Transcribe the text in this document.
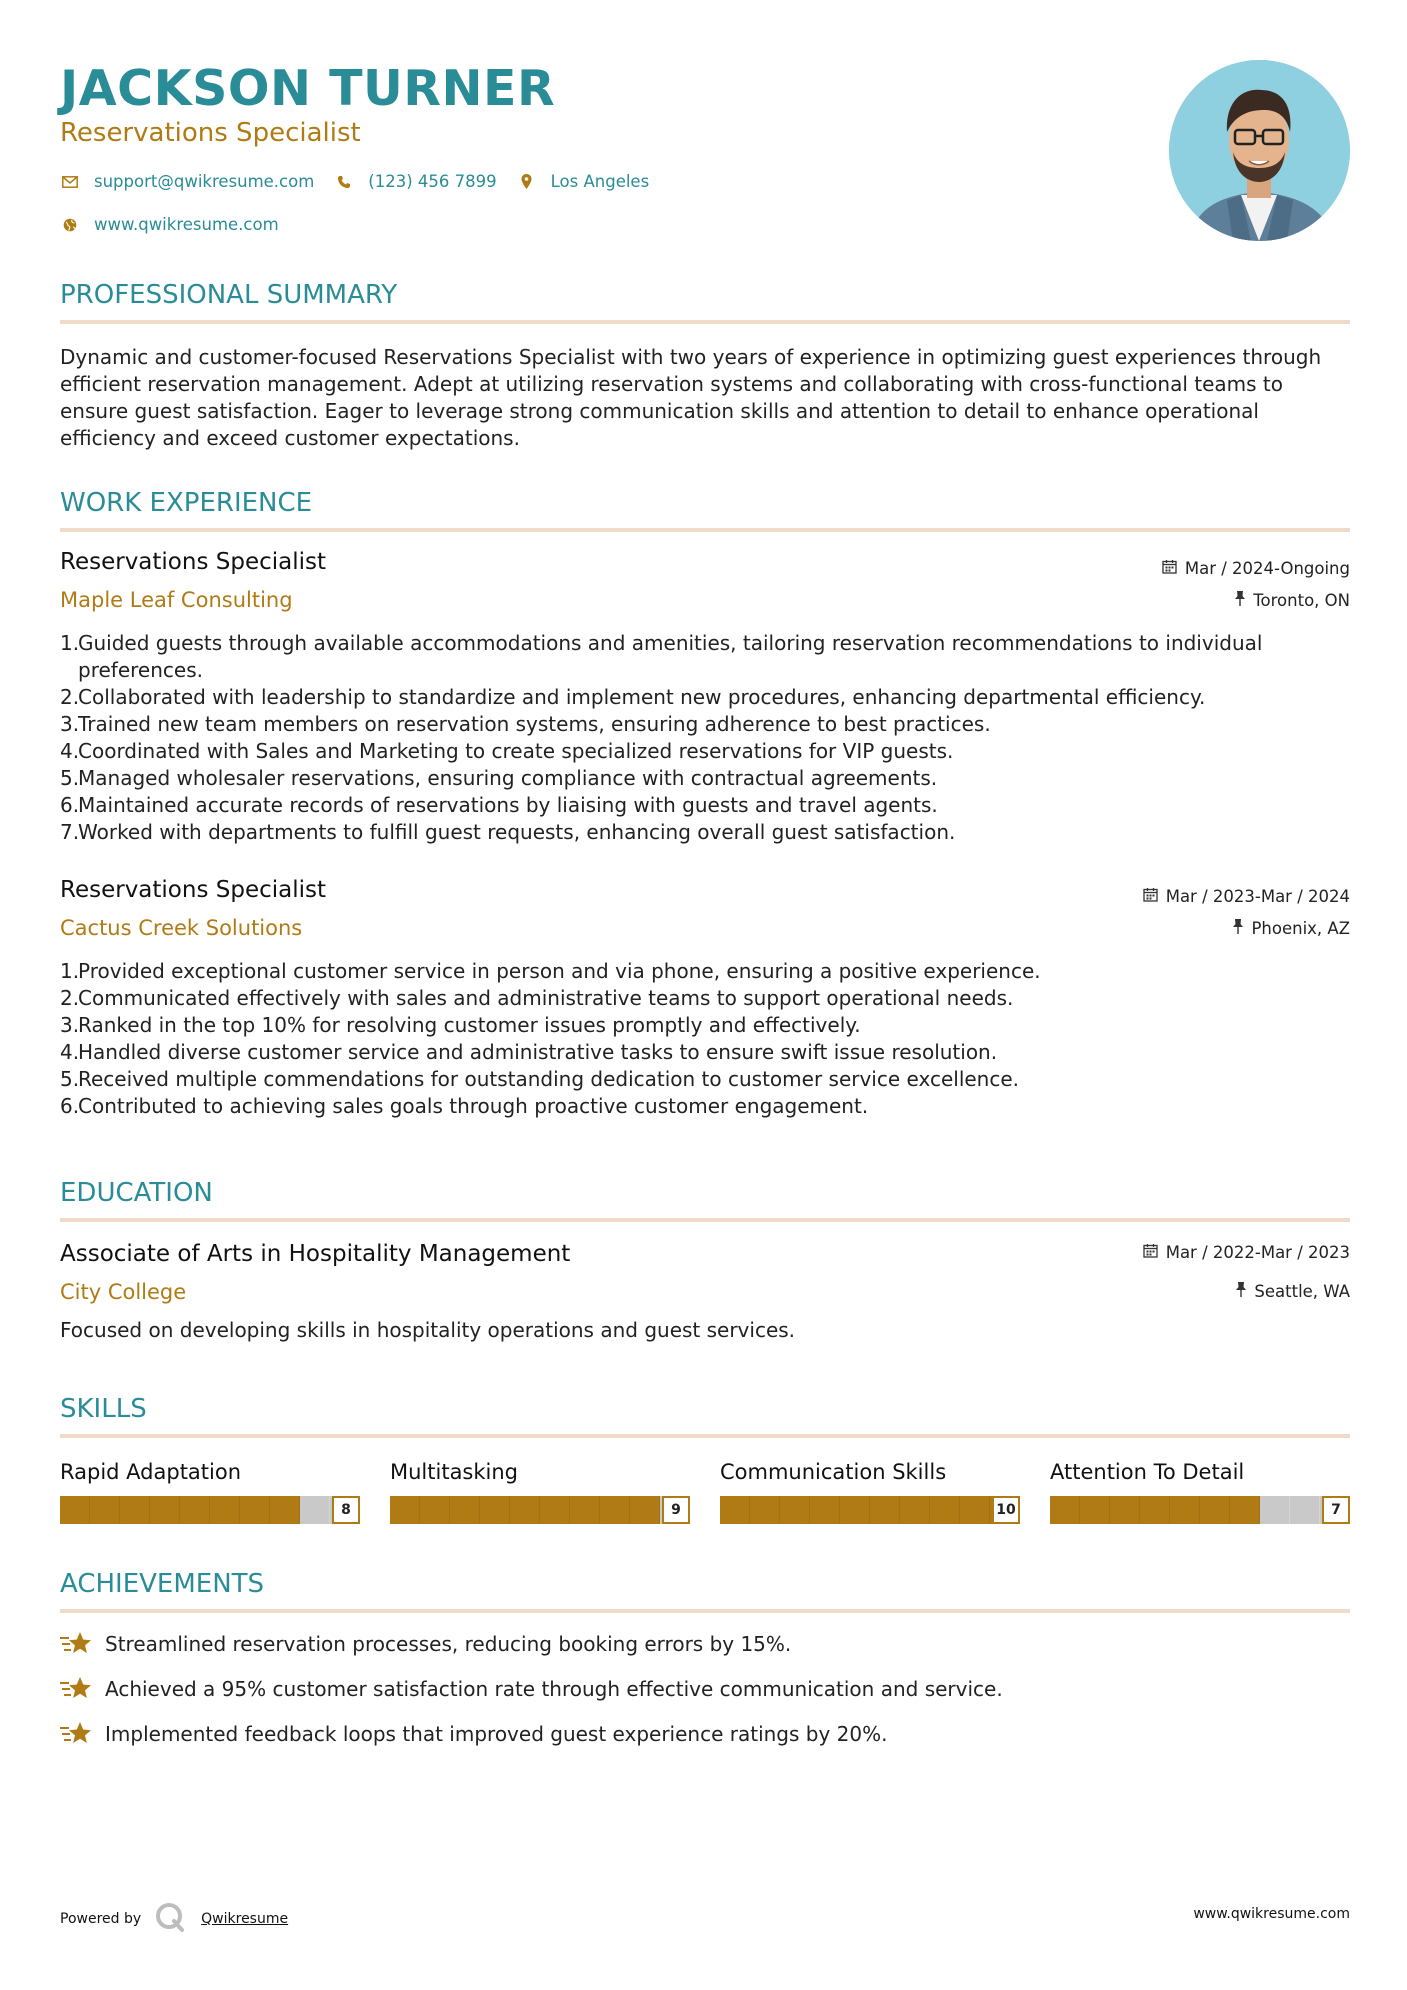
JACKSON TURNER
Reservations Specialist
support@qwikresume.com	(123) 456 7899	Los Angeles
www.qwikresume.com
PROFESSIONAL SUMMARY
Dynamic and customer-focused Reservations Specialist with two years of experience in optimizing guest experiences through efficient reservation management. Adept at utilizing reservation systems and collaborating with cross-functional teams to ensure guest satisfaction. Eager to leverage strong communication skills and attention to detail to enhance operational efficiency and exceed customer expectations.
WORK EXPERIENCE
Reservations Specialist	Mar / 2024-Ongoing
Maple Leaf Consulting	Toronto, ON
1.
Guided guests through available accommodations and amenities, tailoring reservation recommendations to individual preferences.
2.
Collaborated with leadership to standardize and implement new procedures, enhancing departmental efficiency.
3.
Trained new team members on reservation systems, ensuring adherence to best practices.
4.
Coordinated with Sales and Marketing to create specialized reservations for VIP guests.
5.
Managed wholesaler reservations, ensuring compliance with contractual agreements.
6.
Maintained accurate records of reservations by liaising with guests and travel agents.
7.
Worked with departments to fulfill guest requests, enhancing overall guest satisfaction.
Reservations Specialist	Mar / 2023-Mar / 2024
Cactus Creek Solutions	Phoenix, AZ
1.
Provided exceptional customer service in person and via phone, ensuring a positive experience.
2.
Communicated effectively with sales and administrative teams to support operational needs.
3.
Ranked in the top 10% for resolving customer issues promptly and effectively.
4.
Handled diverse customer service and administrative tasks to ensure swift issue resolution.
5.
Received multiple commendations for outstanding dedication to customer service excellence.
6.
Contributed to achieving sales goals through proactive customer engagement.
EDUCATION
Associate of Arts in Hospitality Management	Mar / 2022-Mar / 2023
City College	Seattle, WA
Focused on developing skills in hospitality operations and guest services.
SKILLS
Rapid Adaptation
8
Multitasking
9
Communication Skills
10
Attention To Detail
7
ACHIEVEMENTS
Streamlined reservation processes, reducing booking errors by 15%.
Achieved a 95% customer satisfaction rate through effective communication and service.
Implemented feedback loops that improved guest experience ratings by 20%.
Powered by	Qwikresume	www.qwikresume.com
